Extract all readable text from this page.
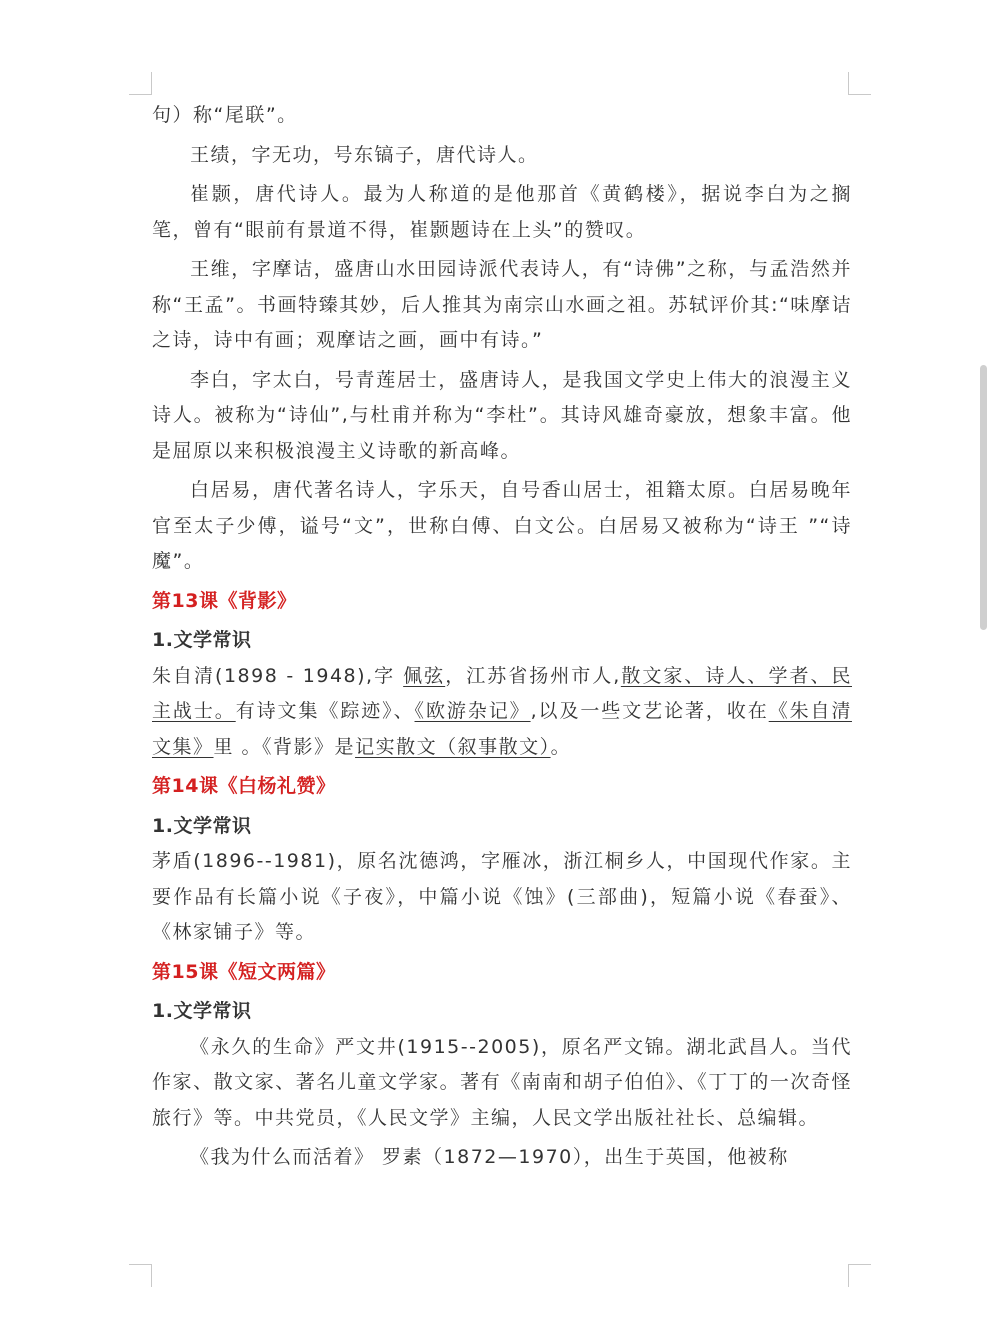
句）称“尾联”。

王绩，字无功，号东镐子，唐代诗人。

崔颢，唐代诗人。最为人称道的是他那首《黄鹤楼》，据说李白为之搁笔，曾有“眼前有景道不得，崔颢题诗在上头”的赞叹。

王维，字摩诘，盛唐山水田园诗派代表诗人，有“诗佛”之称，与孟浩然并称“王孟”。书画特臻其妙，后人推其为南宗山水画之祖。苏轼评价其:“味摩诘之诗，诗中有画；观摩诘之画，画中有诗。”

李白，字太白，号青莲居士，盛唐诗人，是我国文学史上伟大的浪漫主义诗人。被称为“诗仙”,与杜甫并称为“李杜”。其诗风雄奇豪放，想象丰富。他是屈原以来积极浪漫主义诗歌的新高峰。

白居易，唐代著名诗人，字乐天，自号香山居士，祖籍太原。白居易晚年官至太子少傅，谥号“文”，世称白傅、白文公。白居易又被称为“诗王 ”“诗魔”。

第13课《背影》
1.文学常识

朱自清(1898 - 1948),字 佩弦，江苏省扬州市人,散文家、诗人、学者、民主战士。有诗文集《踪迹》、《欧游杂记》,以及一些文艺论著，收在《朱自清文集》里 。《背影》是记实散文（叙事散文）。

第14课《白杨礼赞》
1.文学常识

茅盾(1896--1981)，原名沈德鸿，字雁冰，浙江桐乡人，中国现代作家。主要作品有长篇小说《子夜》，中篇小说《蚀》(三部曲)，短篇小说《春蚕》、《林家铺子》等。

第15课《短文两篇》
1.文学常识

《永久的生命》严文井(1915--2005)，原名严文锦。湖北武昌人。当代作家、散文家、著名儿童文学家。著有《南南和胡子伯伯》、《丁丁的一次奇怪旅行》等。中共党员，《人民文学》主编，人民文学出版社社长、总编辑。

《我为什么而活着》 罗素（1872—1970），出生于英国，他被称
